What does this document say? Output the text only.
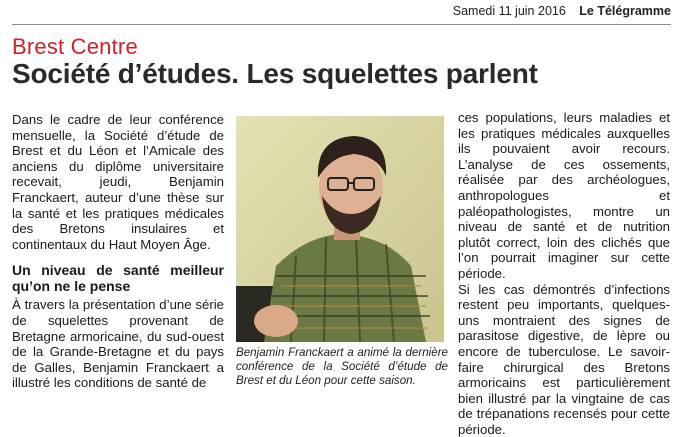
Samedi 11 juin 2016 Le Télégramme
Brest Centre
Société d’études. Les squelettes parlent

Dans le cadre de leur conférence mensuelle, la Société d’étude de Brest et du Léon et l’Amicale des anciens du diplôme universitaire recevait, jeudi, Benjamin Franckaert, auteur d’une thèse sur la santé et les pratiques médicales des Bretons insulaires et continentaux du Haut Moyen Âge.

Un niveau de santé meilleur qu’on ne le pense

À travers la présentation d’une série de squelettes provenant de Bretagne armoricaine, du sud-ouest de la Grande-Bretagne et du pays de Galles, Benjamin Franckaert a illustré les conditions de santé de

Benjamin Franckaert a animé la dernière conférence de la Société d’étude de Brest et du Léon pour cette saison.

ces populations, leurs maladies et les pratiques médicales auxquelles ils pouvaient avoir recours. L’analyse de ces ossements, réalisée par des archéologues, anthropologues et paléopathologistes, montre un niveau de santé et de nutrition plutôt correct, loin des clichés que l’on pourrait imaginer sur cette période.

Si les cas démontrés d’infections restent peu importants, quelques-uns montraient des signes de parasitose digestive, de lèpre ou encore de tuberculose. Le savoir-faire chirurgical des Bretons armoricains est particulièrement bien illustré par la vingtaine de cas de trépanations recensés pour cette période.
